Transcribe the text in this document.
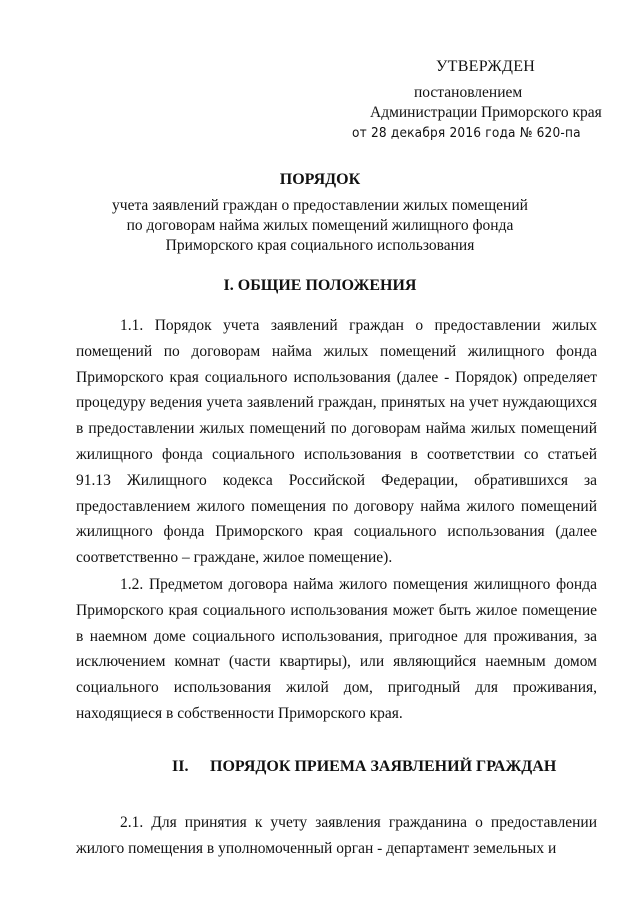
УТВЕРЖДЕН
постановлением
Администрации Приморского края
от 28 декабря 2016 года № 620-па
ПОРЯДОК
учета заявлений граждан о предоставлении жилых помещений
по договорам найма жилых помещений жилищного фонда
Приморского края социального использования
I. ОБЩИЕ ПОЛОЖЕНИЯ

1.1. Порядок учета заявлений граждан о предоставлении жилых помещений по договорам найма жилых помещений жилищного фонда Приморского края социального использования (далее - Порядок) определяет процедуру ведения учета заявлений граждан, принятых на учет нуждающихся в предоставлении жилых помещений по договорам найма жилых помещений жилищного фонда социального использования в соответствии со статьей 91.13 Жилищного кодекса Российской Федерации, обратившихся за предоставлением жилого помещения по договору найма жилого помещений жилищного фонда Приморского края социального использования (далее соответственно – граждане, жилое помещение).

1.2. Предметом договора найма жилого помещения жилищного фонда Приморского края социального использования может быть жилое помещение в наемном доме социального использования, пригодное для проживания, за исключением комнат (части квартиры), или являющийся наемным домом социального использования жилой дом, пригодный для проживания, находящиеся в собственности Приморского края.

II. ПОРЯДОК ПРИЕМА ЗАЯВЛЕНИЙ ГРАЖДАН

2.1. Для принятия к учету заявления гражданина о предоставлении жилого помещения в уполномоченный орган - департамент земельных и
